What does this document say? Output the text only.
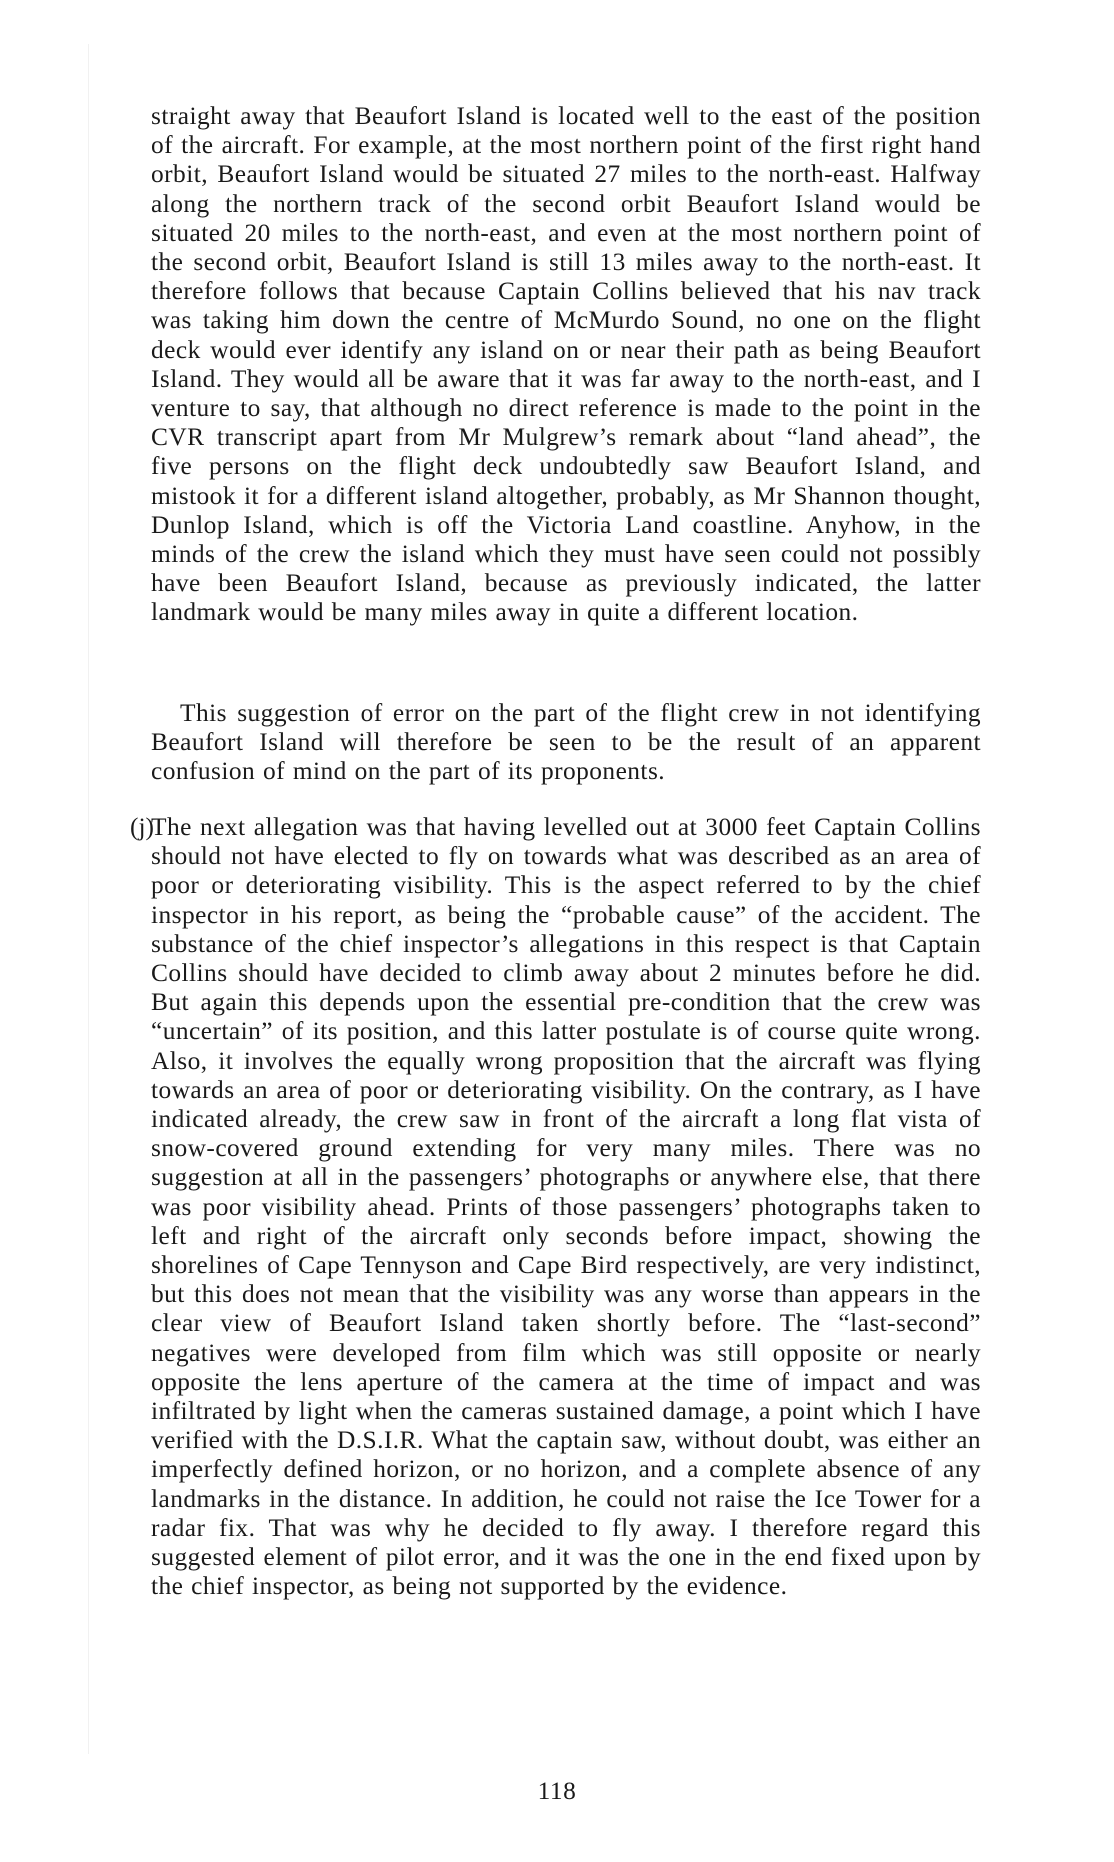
straight away that Beaufort Island is located well to the east of the position of the aircraft. For example, at the most northern point of the first right hand orbit, Beaufort Island would be situated 27 miles to the north-east. Halfway along the northern track of the second orbit Beaufort Island would be situated 20 miles to the north-east, and even at the most northern point of the second orbit, Beaufort Island is still 13 miles away to the north-east. It therefore follows that because Captain Collins believed that his nav track was taking him down the centre of McMurdo Sound, no one on the flight deck would ever identify any island on or near their path as being Beaufort Island. They would all be aware that it was far away to the north-east, and I venture to say, that although no direct reference is made to the point in the CVR transcript apart from Mr Mulgrew’s remark about “land ahead”, the five persons on the flight deck undoubtedly saw Beaufort Island, and mistook it for a different island altogether, probably, as Mr Shannon thought, Dunlop Island, which is off the Victoria Land coastline. Anyhow, in the minds of the crew the island which they must have seen could not possibly have been Beaufort Island, because as previously indicated, the latter landmark would be many miles away in quite a different location.

This suggestion of error on the part of the flight crew in not identifying Beaufort Island will therefore be seen to be the result of an apparent confusion of mind on the part of its proponents.

(j)

The next allegation was that having levelled out at 3000 feet Captain Collins should not have elected to fly on towards what was described as an area of poor or deteriorating visibility. This is the aspect referred to by the chief inspector in his report, as being the “probable cause” of the accident. The substance of the chief inspector’s allegations in this respect is that Captain Collins should have decided to climb away about 2 minutes before he did. But again this depends upon the essential pre-condition that the crew was “uncertain” of its position, and this latter postulate is of course quite wrong. Also, it involves the equally wrong proposition that the aircraft was flying towards an area of poor or deteriorating visibility. On the contrary, as I have indicated already, the crew saw in front of the aircraft a long flat vista of snow-covered ground extending for very many miles. There was no suggestion at all in the passengers’ photographs or anywhere else, that there was poor visibility ahead. Prints of those passengers’ photographs taken to left and right of the aircraft only seconds before impact, showing the shorelines of Cape Tennyson and Cape Bird respectively, are very indistinct, but this does not mean that the visibility was any worse than appears in the clear view of Beaufort Island taken shortly before. The “last-second” negatives were developed from film which was still opposite or nearly opposite the lens aperture of the camera at the time of impact and was infiltrated by light when the cameras sustained damage, a point which I have verified with the D.S.I.R. What the captain saw, without doubt, was either an imperfectly defined horizon, or no horizon, and a complete absence of any landmarks in the distance. In addition, he could not raise the Ice Tower for a radar fix. That was why he decided to fly away. I therefore regard this suggested element of pilot error, and it was the one in the end fixed upon by the chief inspector, as being not supported by the evidence.

118
